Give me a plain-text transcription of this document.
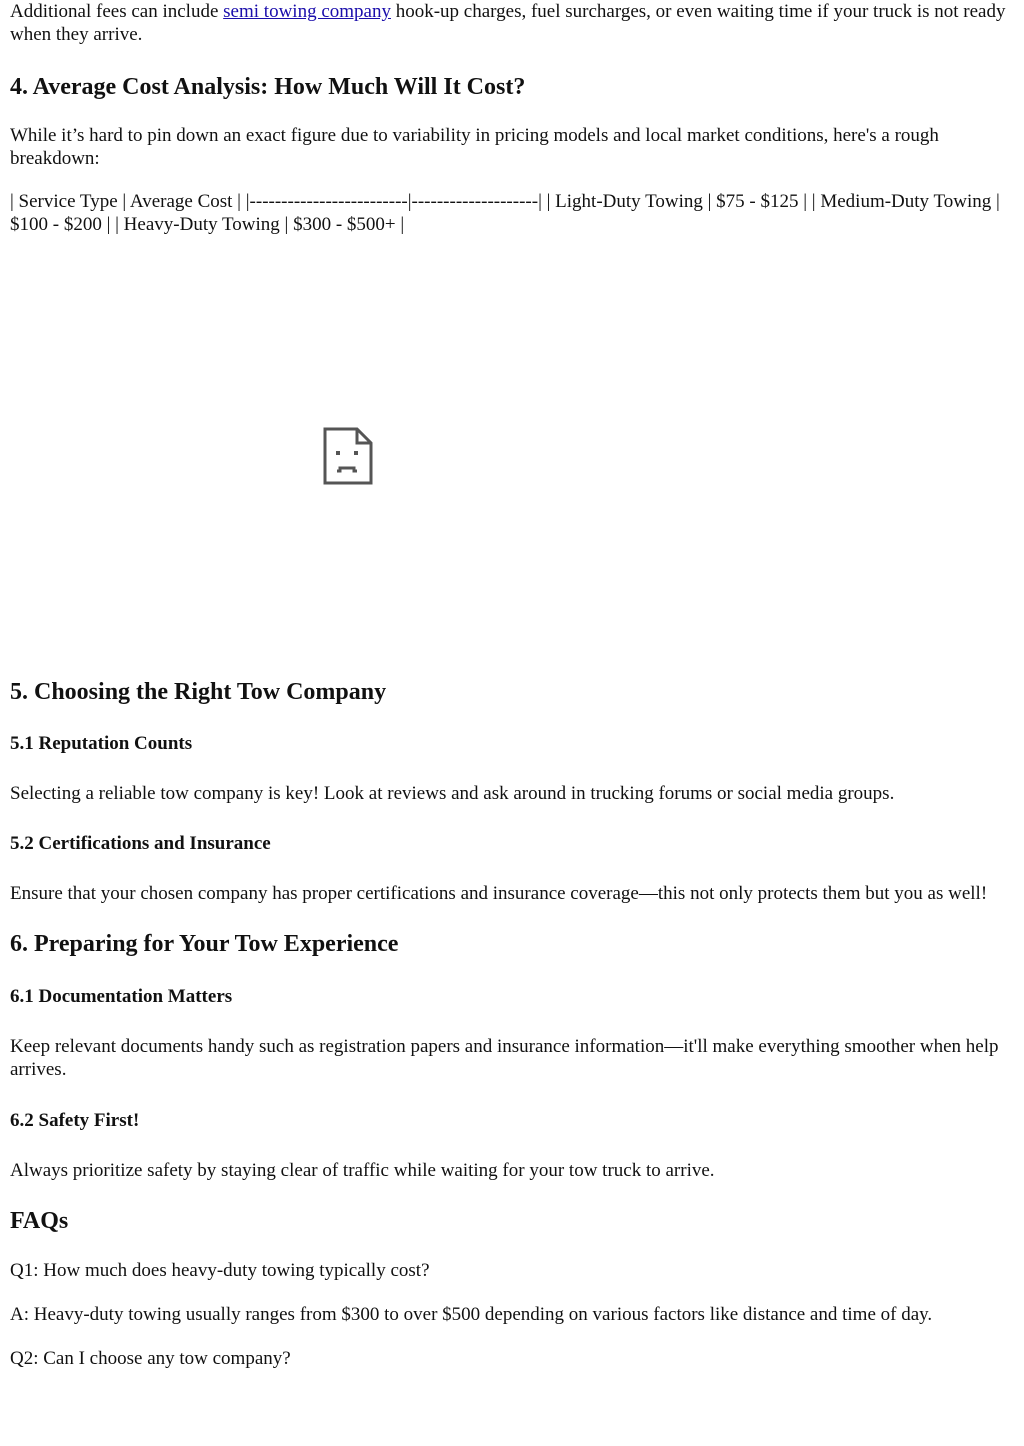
Additional fees can include semi towing company hook-up charges, fuel surcharges, or even waiting time if your truck is not ready when they arrive.

4. Average Cost Analysis: How Much Will It Cost?

While it’s hard to pin down an exact figure due to variability in pricing models and local market conditions, here's a rough breakdown:

| Service Type | Average Cost | |-------------------------|--------------------| | Light-Duty Towing | $75 - $125 | | Medium-Duty Towing | $100 - $200 | | Heavy-Duty Towing | $300 - $500+ |

5. Choosing the Right Tow Company
5.1 Reputation Counts

Selecting a reliable tow company is key! Look at reviews and ask around in trucking forums or social media groups.

5.2 Certifications and Insurance

Ensure that your chosen company has proper certifications and insurance coverage—this not only protects them but you as well!

6. Preparing for Your Tow Experience
6.1 Documentation Matters

Keep relevant documents handy such as registration papers and insurance information—it'll make everything smoother when help arrives.

6.2 Safety First!

Always prioritize safety by staying clear of traffic while waiting for your tow truck to arrive.

FAQs

Q1: How much does heavy-duty towing typically cost?

A: Heavy-duty towing usually ranges from $300 to over $500 depending on various factors like distance and time of day.

Q2: Can I choose any tow company?
